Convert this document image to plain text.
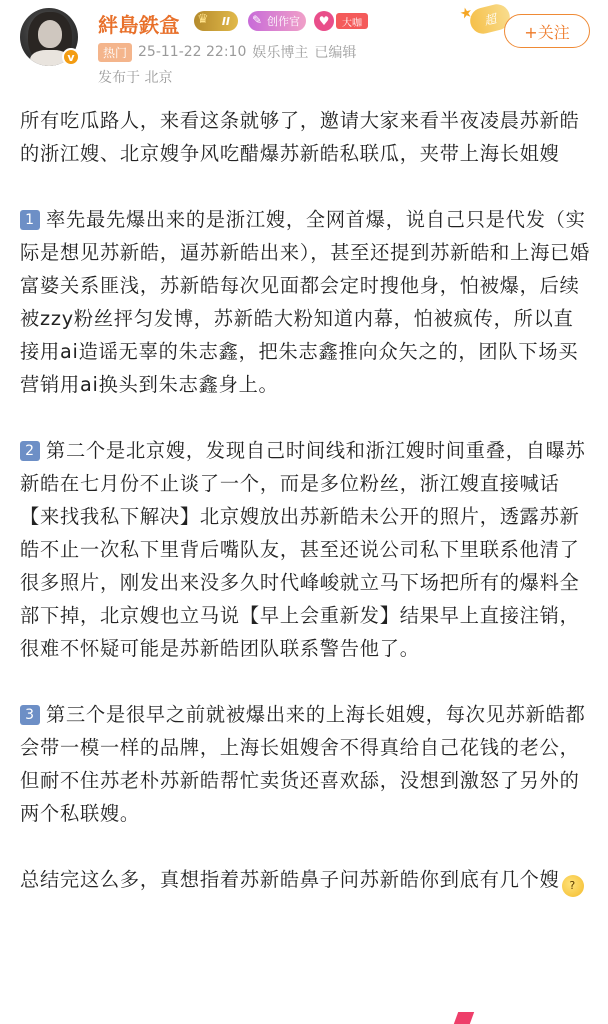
v
絆島鉄盒 ♛ II ✎ 创作官	♥	大咖
★ 超
+关注
热门 25-11-22 22:10 娱乐博主 已编辑
发布于 北京

所有吃瓜路人，来看这条就够了，邀请大家来看半夜凌晨苏新皓的浙江嫂、北京嫂争风吃醋爆苏新皓私联瓜，夹带上海长姐嫂

1 率先最先爆出来的是浙江嫂，全网首爆，说自己只是代发（实际是想见苏新皓，逼苏新皓出来），甚至还提到苏新皓和上海已婚富婆关系匪浅，苏新皓每次见面都会定时搜他身，怕被爆，后续被zzy粉丝抨匀发博，苏新皓大粉知道内幕，怕被疯传，所以直接用ai造谣无辜的朱志鑫，把朱志鑫推向众矢之的，团队下场买营销用ai换头到朱志鑫身上。

2 第二个是北京嫂，发现自己时间线和浙江嫂时间重叠，自曝苏新皓在七月份不止谈了一个，而是多位粉丝，浙江嫂直接喊话【来找我私下解决】北京嫂放出苏新皓未公开的照片，透露苏新皓不止一次私下里背后嘴队友，甚至还说公司私下里联系他清了很多照片，刚发出来没多久时代峰峻就立马下场把所有的爆料全部下掉，北京嫂也立马说【早上会重新发】结果早上直接注销，很难不怀疑可能是苏新皓团队联系警告他了。

3 第三个是很早之前就被爆出来的上海长姐嫂，每次见苏新皓都会带一模一样的品牌，上海长姐嫂舍不得真给自己花钱的老公，但耐不住苏老朴苏新皓帮忙卖货还喜欢舔，没想到激怒了另外的两个私联嫂。

总结完这么多，真想指着苏新皓鼻子问苏新皓你到底有几个嫂 ?
